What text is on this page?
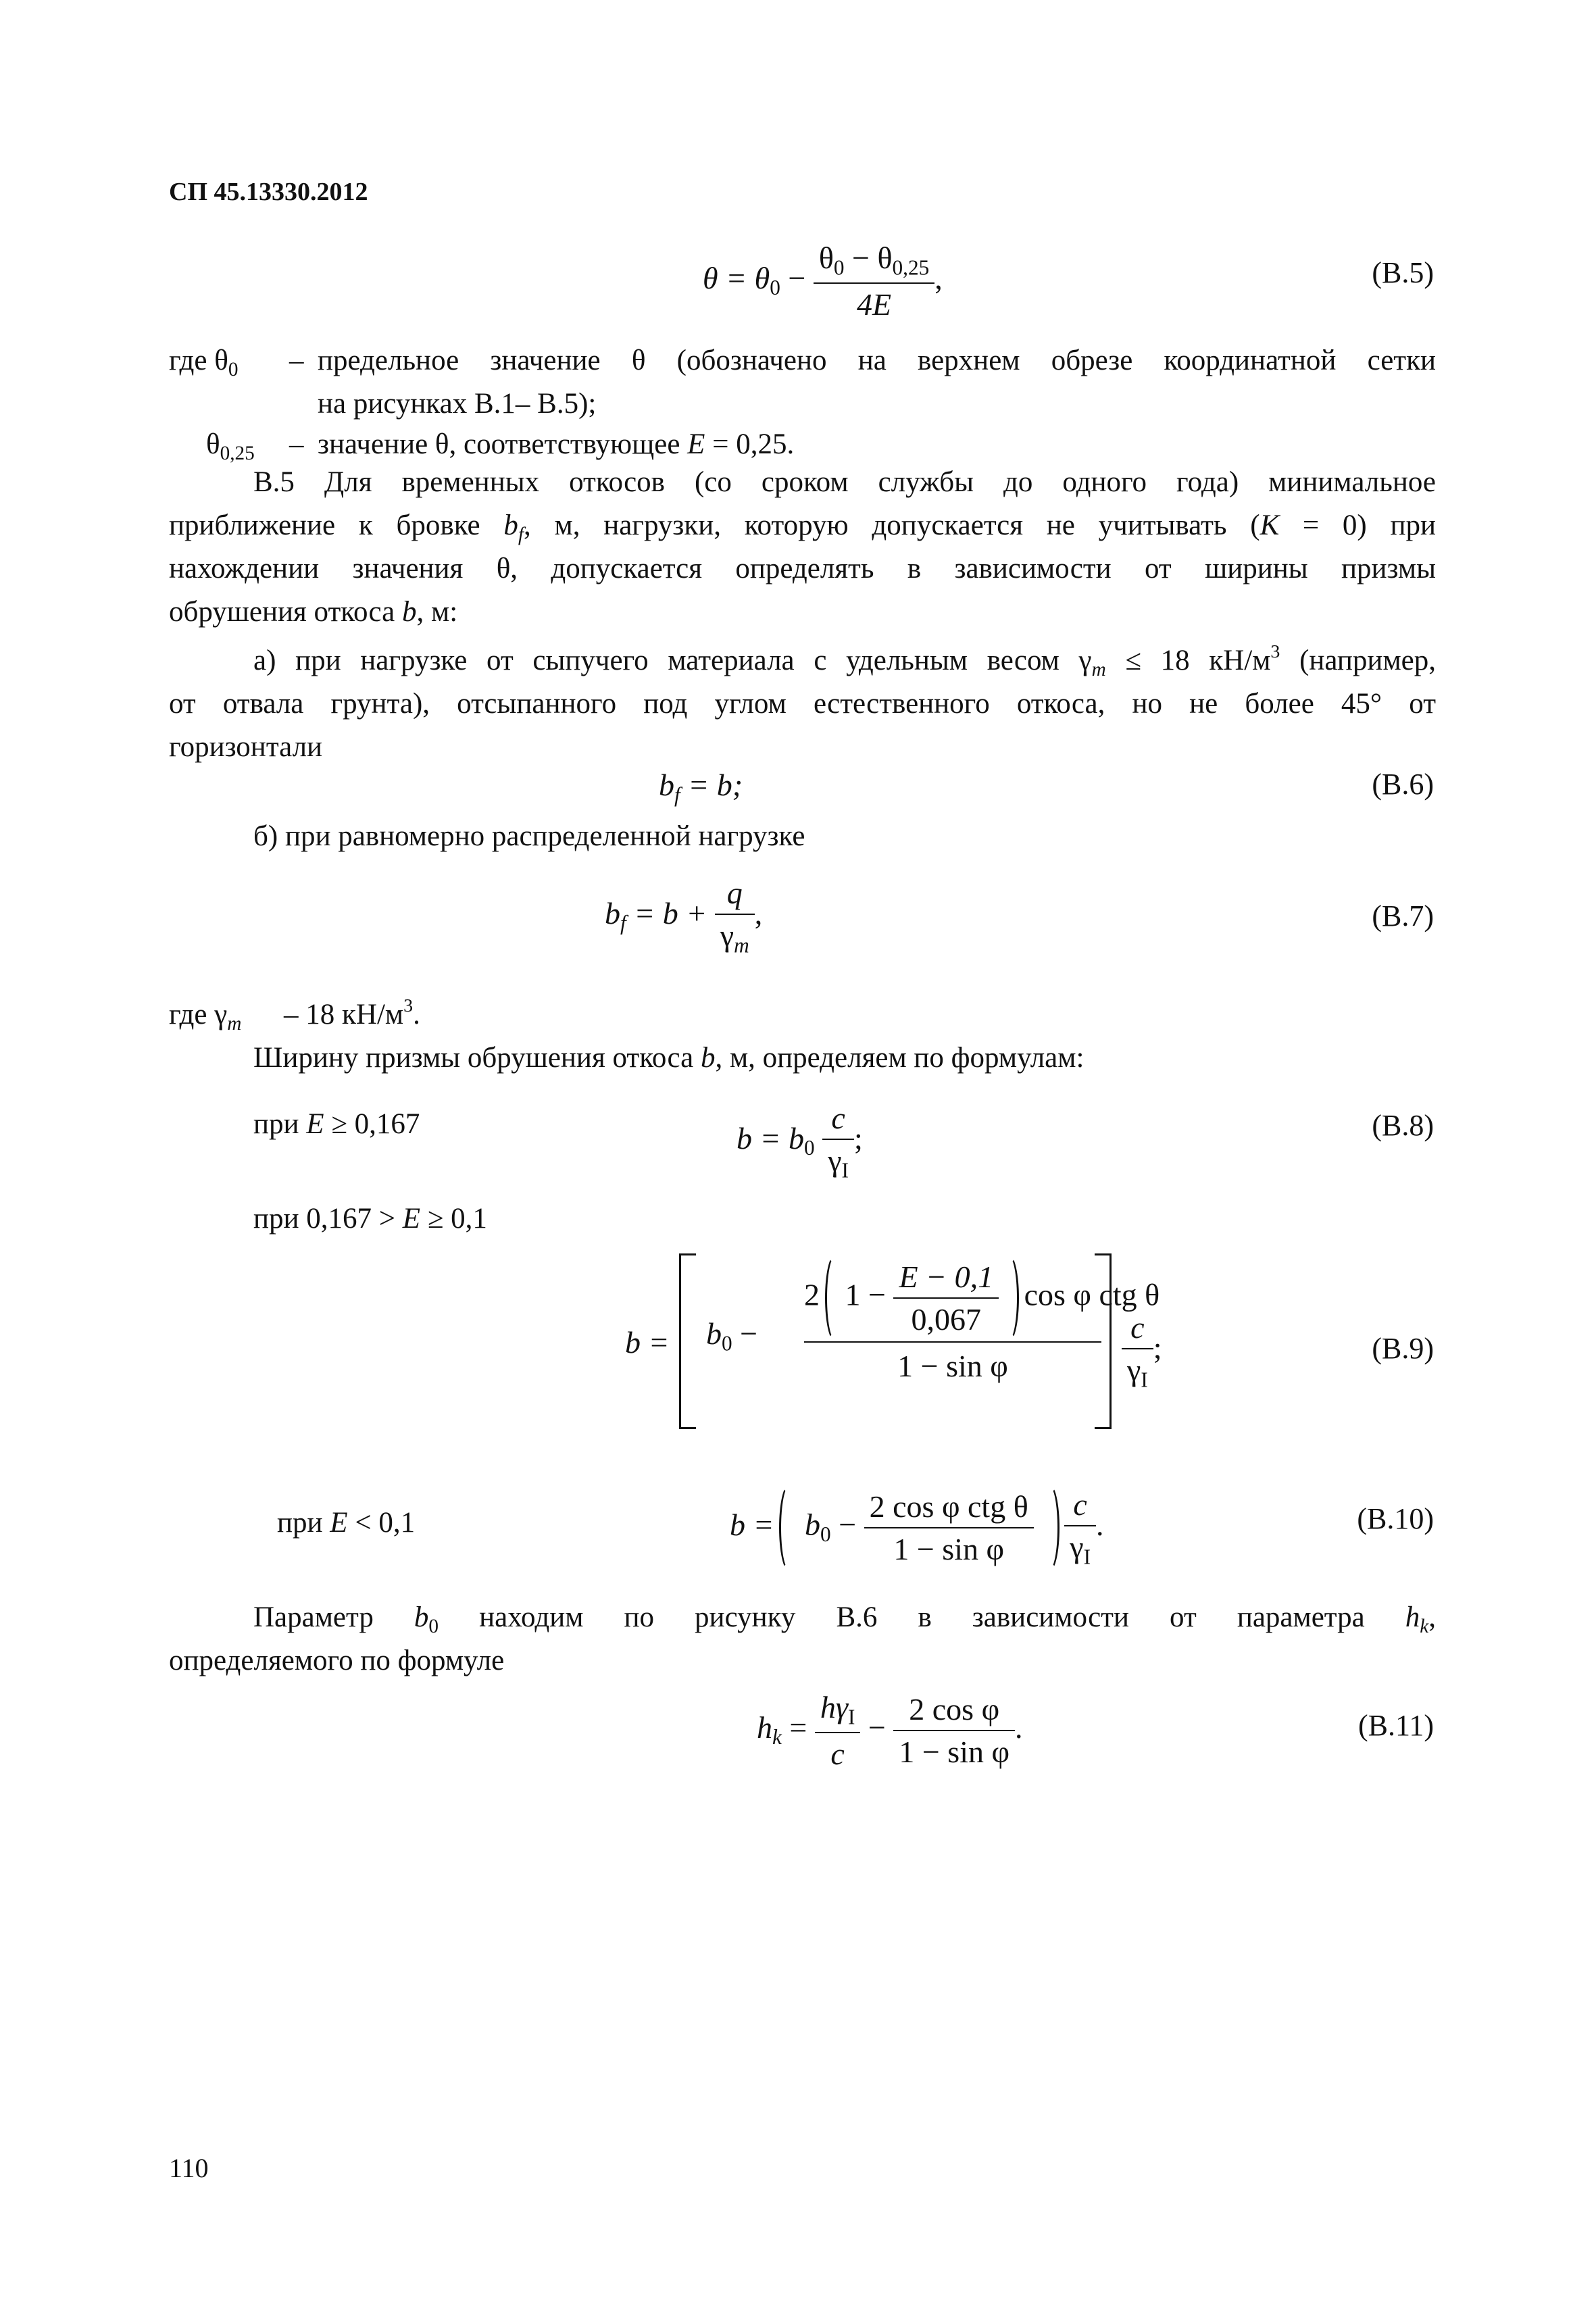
СП 45.13330.2012
$\theta = \theta_0 - \frac{\theta_0 - \theta_{0,25}}{4E}$ ,	(В.5)
где $\theta_0$ – предельное значение θ (обозначено на верхнем обрезе координатной сетки
на рисунках В.1– В.5);
$\theta_{0,25}$ – значение θ, соответствующее E = 0,25.
В.5 Для временных откосов (со сроком службы до одного года) минимальное
приближение к бровке $b_f$, м, нагрузки, которую допускается не учитывать (К = 0) при
нахождении значения θ, допускается определять в зависимости от ширины призмы
обрушения откоса b, м:
а) при нагрузке от сыпучего материала с удельным весом $\gamma_m \le 18$ $кН/м^3$ (например,
от отвала грунта), отсыпанного под углом естественного откоса, но не более 45° от
горизонтали
$b_f = b$;	(В.6)
б) при равномерно распределенной нагрузке
$b_f = b + \frac{q}{\gamma_m}$ ,	(В.7)
где $\gamma_m - 18$ $кН/м^3$.
Ширину призмы обрушения откоса b, м, определяем по формулам:
при E ≥ 0,167	$b = b_0 \frac{c}{\gamma_I}$ ;	(В.8)
при 0,167 > E ≥ 0,1
$b = b_0$ −
2 $1 - \frac{E - 0,1}{0,067}$ cos φ ctg θ
1 − sin φ	$\frac{c}{\gamma_I}$ ;	(В.9)
при E < 0,1	$b = b_0 - \frac{\text{2 cos φ ctg θ}}{\text{1 − sin φ}}$
$\frac{c}{\gamma_I}$ .	(В.10)
Параметр $b_0$ находим по рисунку В.6 в зависимости от параметра $h_k$,
определяемого по формуле
$h_k = \frac{h\gamma_I}{c} - \frac{\text{2 cos φ}}{\text{1 − sin φ}}$ .	(В.11)
110
